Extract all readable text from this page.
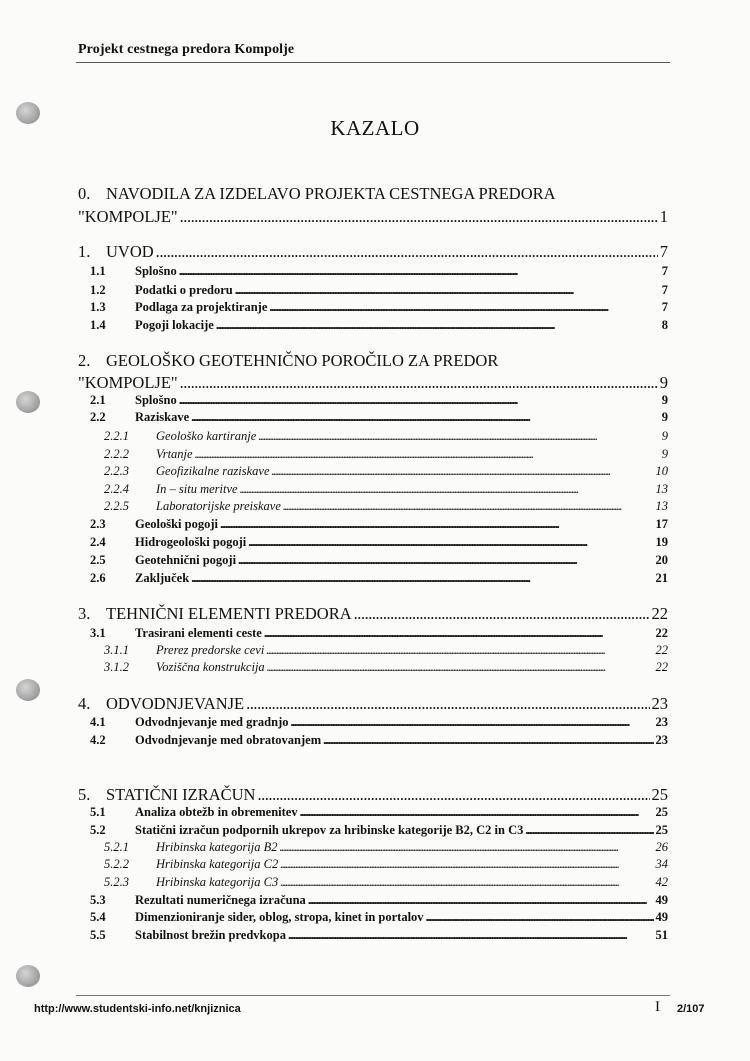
Projekt cestnega predora Kompolje
KAZALO
0. NAVODILA ZA IZDELAVO PROJEKTA CESTNEGA PREDORA
"KOMPOLJE" . . .	1
1. UVOD . . .	7
1.1	Splošno . . .	7
1.2	Podatki o predoru . . .	7
1.3	Podlaga za projektiranje . . .	7
1.4	Pogoji lokacije . . .	8
2. GEOLOŠKO GEOTEHNIČNO POROČILO ZA PREDOR
"KOMPOLJE" . . .	9
2.1	Splošno . . .	9
2.2	Raziskave . . .	9
2.2.1	Geološko kartiranje . . .	9
2.2.2	Vrtanje . . .	9
2.2.3	Geofizikalne raziskave . . .	10
2.2.4	In – situ meritve . . .	13
2.2.5	Laboratorijske preiskave . . .	13
2.3	Geološki pogoji . . .	17
2.4	Hidrogeološki pogoji . . .	19
2.5	Geotehnični pogoji . . .	20
2.6	Zaključek . . .	21
3. TEHNIČNI ELEMENTI PREDORA . . .	22
3.1	Trasirani elementi ceste . . .	22
3.1.1	Prerez predorske cevi . . .	22
3.1.2	Voziščna konstrukcija . . .	22
4. ODVODNJEVANJE . . .	23
4.1	Odvodnjevanje med gradnjo . . .	23
4.2	Odvodnjevanje med obratovanjem . . .	23
5. STATIČNI IZRAČUN . . .	25
5.1	Analiza obtežb in obremenitev . . .	25
5.2	Statični izračun podpornih ukrepov za hribinske kategorije B2, C2 in C3 . . .	25
5.2.1	Hribinska kategorija B2 . . .	26
5.2.2	Hribinska kategorija C2 . . .	34
5.2.3	Hribinska kategorija C3 . . .	42
5.3	Rezultati numeričnega izračuna . . .	49
5.4	Dimenzioniranje sider, oblog, stropa, kinet in portalov . . .	49
5.5	Stabilnost brežin predvkopa . . .	51
http://www.studentski-info.net/knjiznica	I 2/107
